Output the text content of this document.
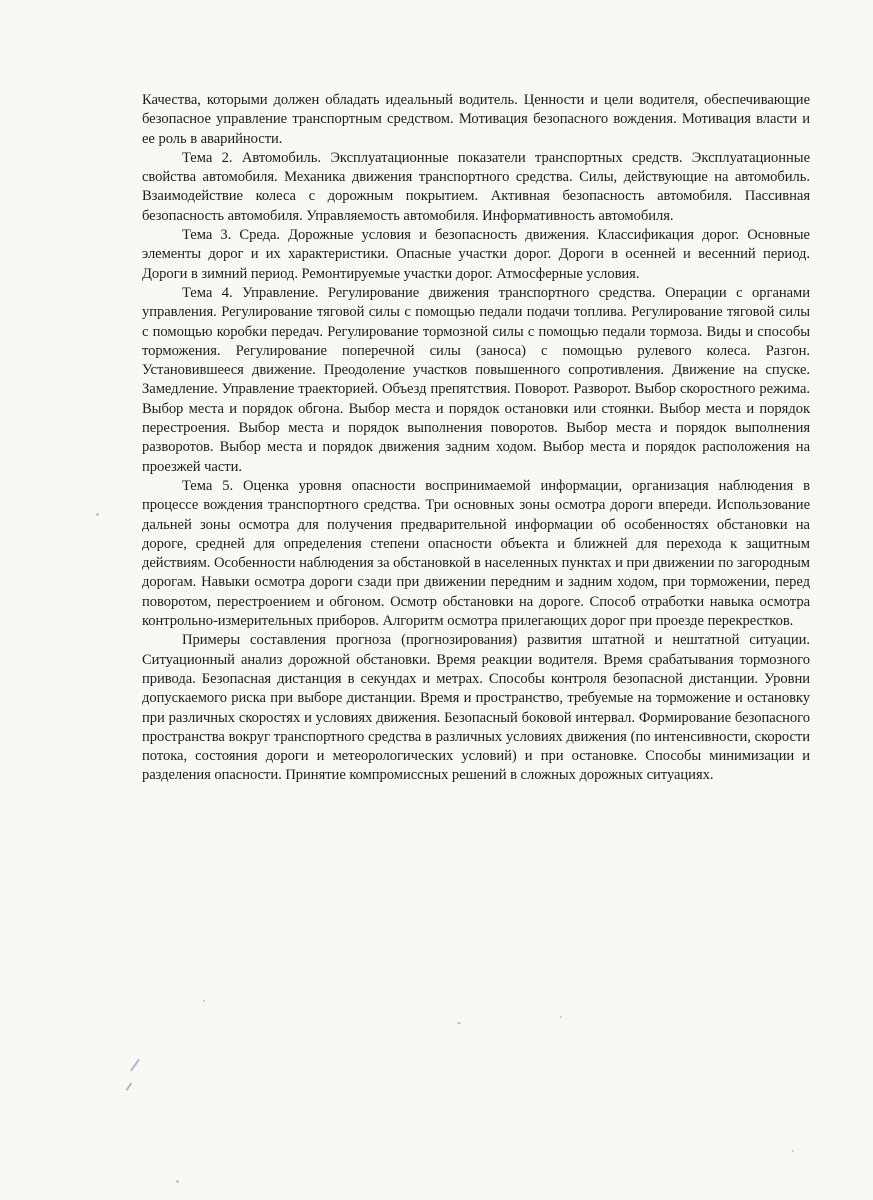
Качества, которыми должен обладать идеальный водитель. Ценности и цели водителя, обеспечивающие безопасное управление транспортным средством. Мотивация безопасного вождения. Мотивация власти и ее роль в аварийности.

Тема 2. Автомобиль. Эксплуатационные показатели транспортных средств. Эксплуатационные свойства автомобиля. Механика движения транспортного средства. Силы, действующие на автомобиль. Взаимодействие колеса с дорожным покрытием. Активная безопасность автомобиля. Пассивная безопасность автомобиля. Управляемость автомобиля. Информативность автомобиля.

Тема 3. Среда. Дорожные условия и безопасность движения. Классификация дорог. Основные элементы дорог и их характеристики. Опасные участки дорог. Дороги в осенней и весенний период. Дороги в зимний период. Ремонтируемые участки дорог. Атмосферные условия.

Тема 4. Управление. Регулирование движения транспортного средства. Операции с органами управления. Регулирование тяговой силы с помощью педали подачи топлива. Регулирование тяговой силы с помощью коробки передач. Регулирование тормозной силы с помощью педали тормоза. Виды и способы торможения. Регулирование поперечной силы (заноса) с помощью рулевого колеса. Разгон. Установившееся движение. Преодоление участков повышенного сопротивления. Движение на спуске. Замедление. Управление траекторией. Объезд препятствия. Поворот. Разворот. Выбор скоростного режима. Выбор места и порядок обгона. Выбор места и порядок остановки или стоянки. Выбор места и порядок перестроения. Выбор места и порядок выполнения поворотов. Выбор места и порядок выполнения разворотов. Выбор места и порядок движения задним ходом. Выбор места и порядок расположения на проезжей части.

Тема 5. Оценка уровня опасности воспринимаемой информации, организация наблюдения в процессе вождения транспортного средства. Три основных зоны осмотра дороги впереди. Использование дальней зоны осмотра для получения предварительной информации об особенностях обстановки на дороге, средней для определения степени опасности объекта и ближней для перехода к защитным действиям. Особенности наблюдения за обстановкой в населенных пунктах и при движении по загородным дорогам. Навыки осмотра дороги сзади при движении передним и задним ходом, при торможении, перед поворотом, перестроением и обгоном. Осмотр обстановки на дороге. Способ отработки навыка осмотра контрольно-измерительных приборов. Алгоритм осмотра прилегающих дорог при проезде перекрестков.

Примеры составления прогноза (прогнозирования) развития штатной и нештатной ситуации. Ситуационный анализ дорожной обстановки. Время реакции водителя. Время срабатывания тормозного привода. Безопасная дистанция в секундах и метрах. Способы контроля безопасной дистанции. Уровни допускаемого риска при выборе дистанции. Время и пространство, требуемые на торможение и остановку при различных скоростях и условиях движения. Безопасный боковой интервал. Формирование безопасного пространства вокруг транспортного средства в различных условиях движения (по интенсивности, скорости потока, состояния дороги и метеорологических условий) и при остановке. Способы минимизации и разделения опасности. Принятие компромиссных решений в сложных дорожных ситуациях.
